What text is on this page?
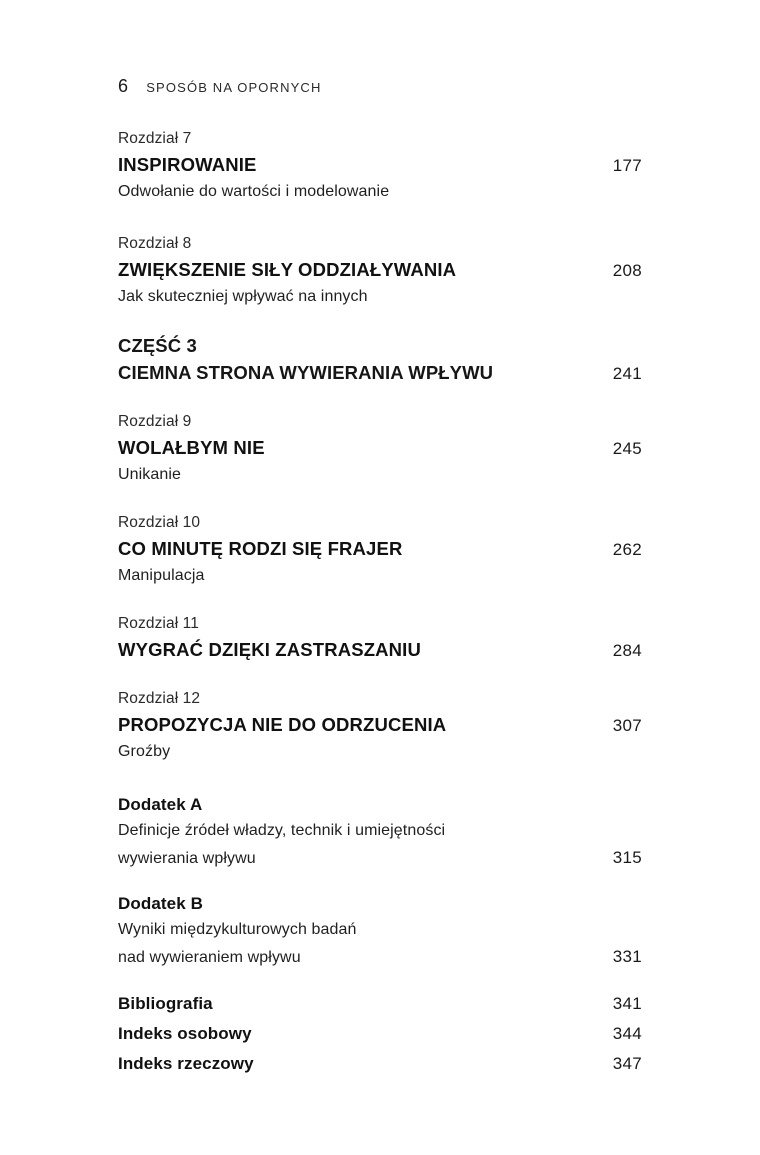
6 SPOSÓB NA OPORNYCH
Rozdział 7
INSPIROWANIE	177
Odwołanie do wartości i modelowanie
Rozdział 8
ZWIĘKSZENIE SIŁY ODDZIAŁYWANIA	208
Jak skuteczniej wpływać na innych
CZĘŚĆ 3
CIEMNA STRONA WYWIERANIA WPŁYWU	241
Rozdział 9
WOLAŁBYM NIE	245
Unikanie
Rozdział 10
CO MINUTĘ RODZI SIĘ FRAJER	262
Manipulacja
Rozdział 11
WYGRAĆ DZIĘKI ZASTRASZANIU	284
Rozdział 12
PROPOZYCJA NIE DO ODRZUCENIA	307
Groźby
Dodatek A
Definicje źródeł władzy, technik i umiejętności
wywierania wpływu	315
Dodatek B
Wyniki międzykulturowych badań
nad wywieraniem wpływu	331
Bibliografia	341
Indeks osobowy	344
Indeks rzeczowy	347
